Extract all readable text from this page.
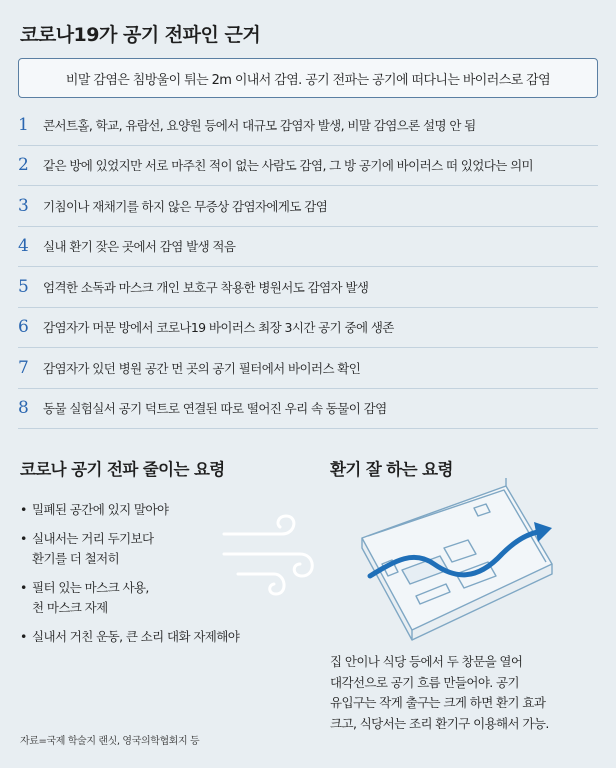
코로나19가 공기 전파인 근거
비말 감염은 침방울이 튀는 2m 이내서 감염. 공기 전파는 공기에 떠다니는 바이러스로 감염
1	콘서트홀, 학교, 유람선, 요양원 등에서 대규모 감염자 발생, 비말 감염으론 설명 안 됨
2	같은 방에 있었지만 서로 마주친 적이 없는 사람도 감염, 그 방 공기에 바이러스 떠 있었다는 의미
3	기침이나 재채기를 하지 않은 무증상 감염자에게도 감염
4	실내 환기 잦은 곳에서 감염 발생 적음
5	엄격한 소독과 마스크 개인 보호구 착용한 병원서도 감염자 발생
6	감염자가 머문 방에서 코로나19 바이러스 최장 3시간 공기 중에 생존
7	감염자가 있던 병원 공간 먼 곳의 공기 필터에서 바이러스 확인
8	동물 실험실서 공기 덕트로 연결된 따로 떨어진 우리 속 동물이 감염
코로나 공기 전파 줄이는 요령	환기 잘 하는 요령
• 밀폐된 공간에 있지 말아야
• 실내서는 거리 두기보다
환기를 더 철저히
• 필터 있는 마스크 사용,
천 마스크 자제
• 실내서 거친 운동, 큰 소리 대화 자제해야
집 안이나 식당 등에서 두 창문을 열어
대각선으로 공기 흐름 만들어야. 공기
유입구는 작게 출구는 크게 하면 환기 효과
크고, 식당서는 조리 환기구 이용해서 가능.
자료=국제 학술지 랜싯, 영국의학협회지 등
